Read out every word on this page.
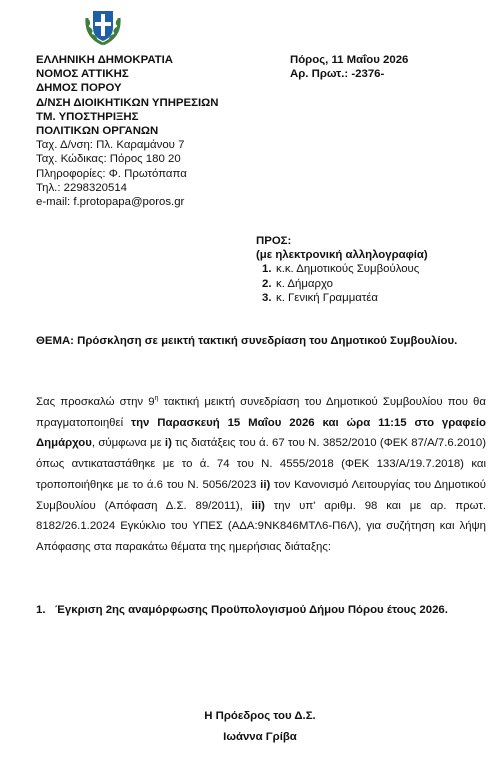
ΕΛΛΗΝΙΚΗ ΔΗΜΟΚΡΑΤΙΑ
ΝΟΜΟΣ ΑΤΤΙΚΗΣ
ΔΗΜΟΣ ΠΟΡΟΥ
Δ/ΝΣΗ ΔΙΟΙΚΗΤΙΚΩΝ ΥΠΗΡΕΣΙΩΝ
ΤΜ. ΥΠΟΣΤΗΡΙΞΗΣ
ΠΟΛΙΤΙΚΩΝ ΟΡΓΑΝΩΝ
Ταχ. Δ/νση: Πλ. Καραμάνου 7
Ταχ. Κώδικας: Πόρος 180 20
Πληροφορίες: Φ. Πρωτόπαπα
Τηλ.: 2298320514
e-mail: f.protopapa@poros.gr
Πόρος, 11 Μαΐου 2026
Αρ. Πρωτ.: -2376-
ΠΡΟΣ:
(με ηλεκτρονική αλληλογραφία)
1. κ.κ. Δημοτικούς Συμβούλους
2. κ. Δήμαρχο
3. κ. Γενική Γραμματέα
ΘΕΜΑ: Πρόσκληση σε μεικτή τακτική συνεδρίαση του Δημοτικού Συμβουλίου.
Σας προσκαλώ στην $9^\eta$ τακτική μεικτή συνεδρίαση του Δημοτικού Συμβουλίου που θα πραγματοποιηθεί την Παρασκευή 15 Μαΐου 2026 και ώρα 11:15 στο γραφείο Δημάρχου, σύμφωνα με i) τις διατάξεις του ά. 67 του Ν. 3852/2010 (ΦΕΚ 87/Α/7.6.2010) όπως αντικαταστάθηκε με το ά. 74 του Ν. 4555/2018 (ΦΕΚ 133/Α/19.7.2018) και τροποποιήθηκε με το ά.6 του Ν. 5056/2023 ii) τον Κανονισμό Λειτουργίας του Δημοτικού Συμβουλίου (Απόφαση Δ.Σ. 89/2011), iii) την υπ' αριθμ. 98 και με αρ. πρωτ. 8182/26.1.2024 Εγκύκλιο του ΥΠΕΣ (ΑΔΑ:9ΝΚ846ΜΤΛ6-Π6Λ), για συζήτηση και λήψη Απόφασης στα παρακάτω θέματα της ημερήσιας διάταξης:
1. Έγκριση 2ης αναμόρφωσης Προϋπολογισμού Δήμου Πόρου έτους 2026.
Η Πρόεδρος του Δ.Σ.
Ιωάννα Γρίβα
